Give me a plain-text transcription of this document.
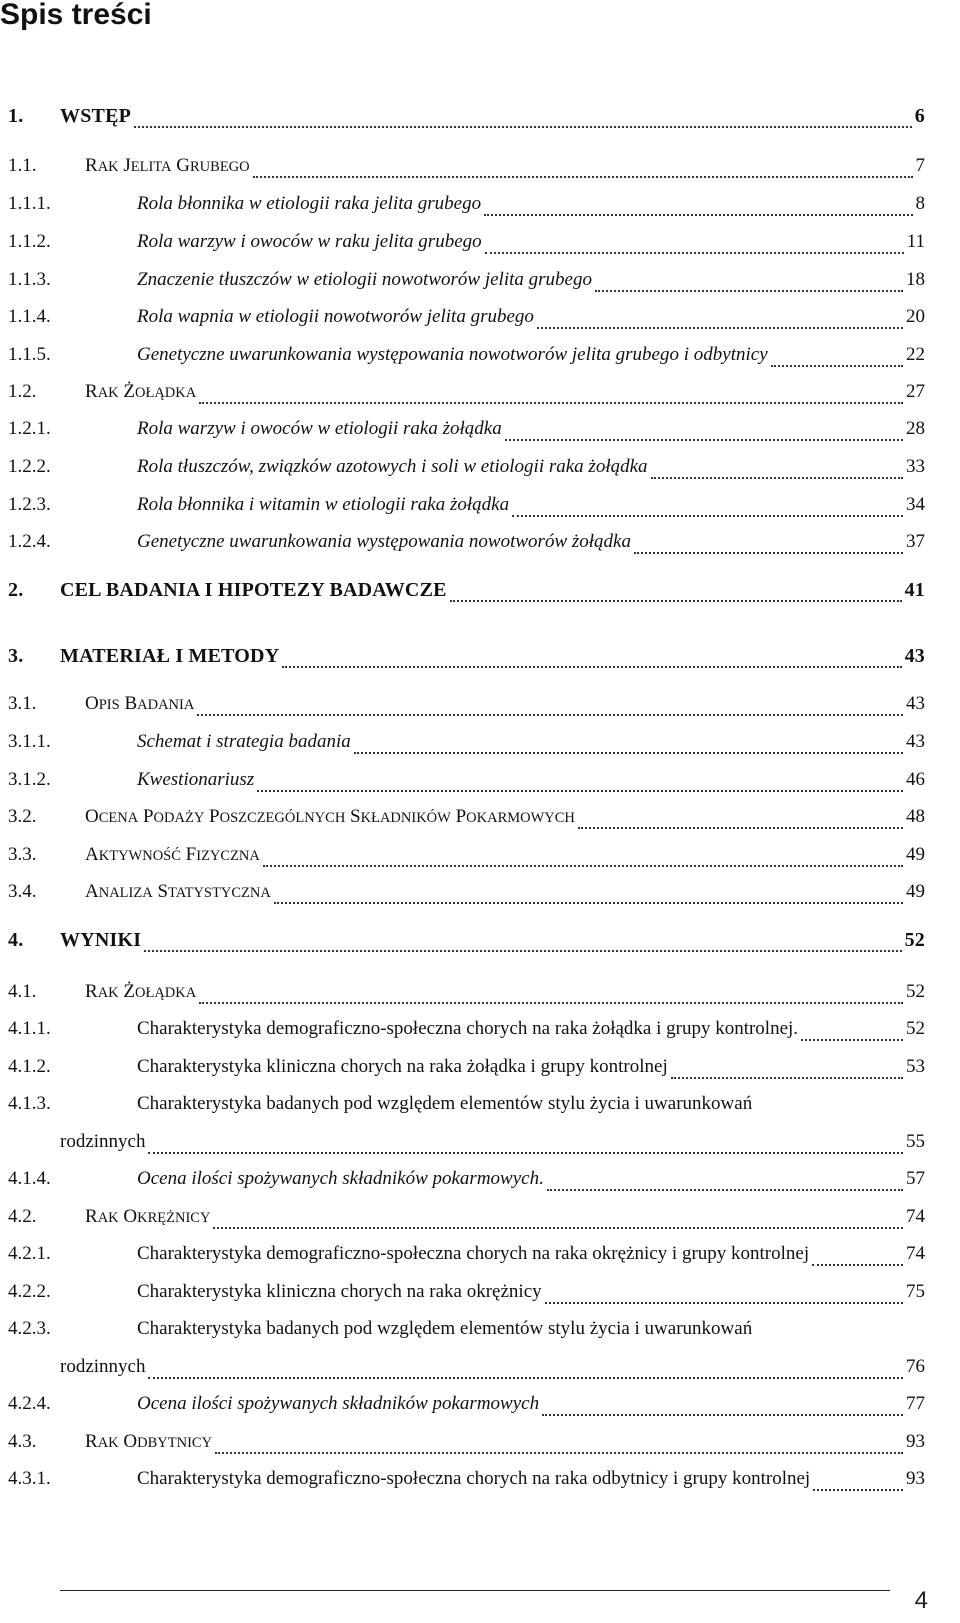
Spis treści
1. WSTĘP	6
1.1.	RAK JELITA GRUBEGO	7
1.1.1.	Rola błonnika w etiologii raka jelita grubego	8
1.1.2.	Rola warzyw i owoców w raku jelita grubego	11
1.1.3.	Znaczenie tłuszczów w etiologii nowotworów jelita grubego	18
1.1.4.	Rola wapnia w etiologii nowotworów jelita grubego	20
1.1.5.	Genetyczne uwarunkowania występowania nowotworów jelita grubego i odbytnicy	22
1.2.	RAK ŻOŁĄDKA	27
1.2.1.	Rola warzyw i owoców w etiologii raka żołądka	28
1.2.2.	Rola tłuszczów, związków azotowych i soli w etiologii raka żołądka	33
1.2.3.	Rola błonnika i witamin w etiologii raka żołądka	34
1.2.4.	Genetyczne uwarunkowania występowania nowotworów żołądka	37
2. CEL BADANIA I HIPOTEZY BADAWCZE	41
3. MATERIAŁ I METODY	43
3.1.	OPIS BADANIA	43
3.1.1.	Schemat i strategia badania	43
3.1.2.	Kwestionariusz	46
3.2.	OCENA PODAŻY POSZCZEGÓLNYCH SKŁADNIKÓW POKARMOWYCH	48
3.3.	AKTYWNOŚĆ FIZYCZNA	49
3.4.	ANALIZA STATYSTYCZNA	49
4. WYNIKI	52
4.1.	RAK ŻOŁĄDKA	52
4.1.1.	Charakterystyka demograficzno-społeczna chorych na raka żołądka i grupy kontrolnej.	52
4.1.2.	Charakterystyka kliniczna chorych na raka żołądka i grupy kontrolnej	53
4.1.3.	Charakterystyka badanych pod względem elementów stylu życia i uwarunkowań
rodzinnych	55
4.1.4.	Ocena ilości spożywanych składników pokarmowych.	57
4.2.	RAK OKRĘŻNICY	74
4.2.1.	Charakterystyka demograficzno-społeczna chorych na raka okrężnicy i grupy kontrolnej	74
4.2.2.	Charakterystyka kliniczna chorych na raka okrężnicy	75
4.2.3.	Charakterystyka badanych pod względem elementów stylu życia i uwarunkowań
rodzinnych	76
4.2.4.	Ocena ilości spożywanych składników pokarmowych	77
4.3.	RAK ODBYTNICY	93
4.3.1.	Charakterystyka demograficzno-społeczna chorych na raka odbytnicy i grupy kontrolnej	93
4
